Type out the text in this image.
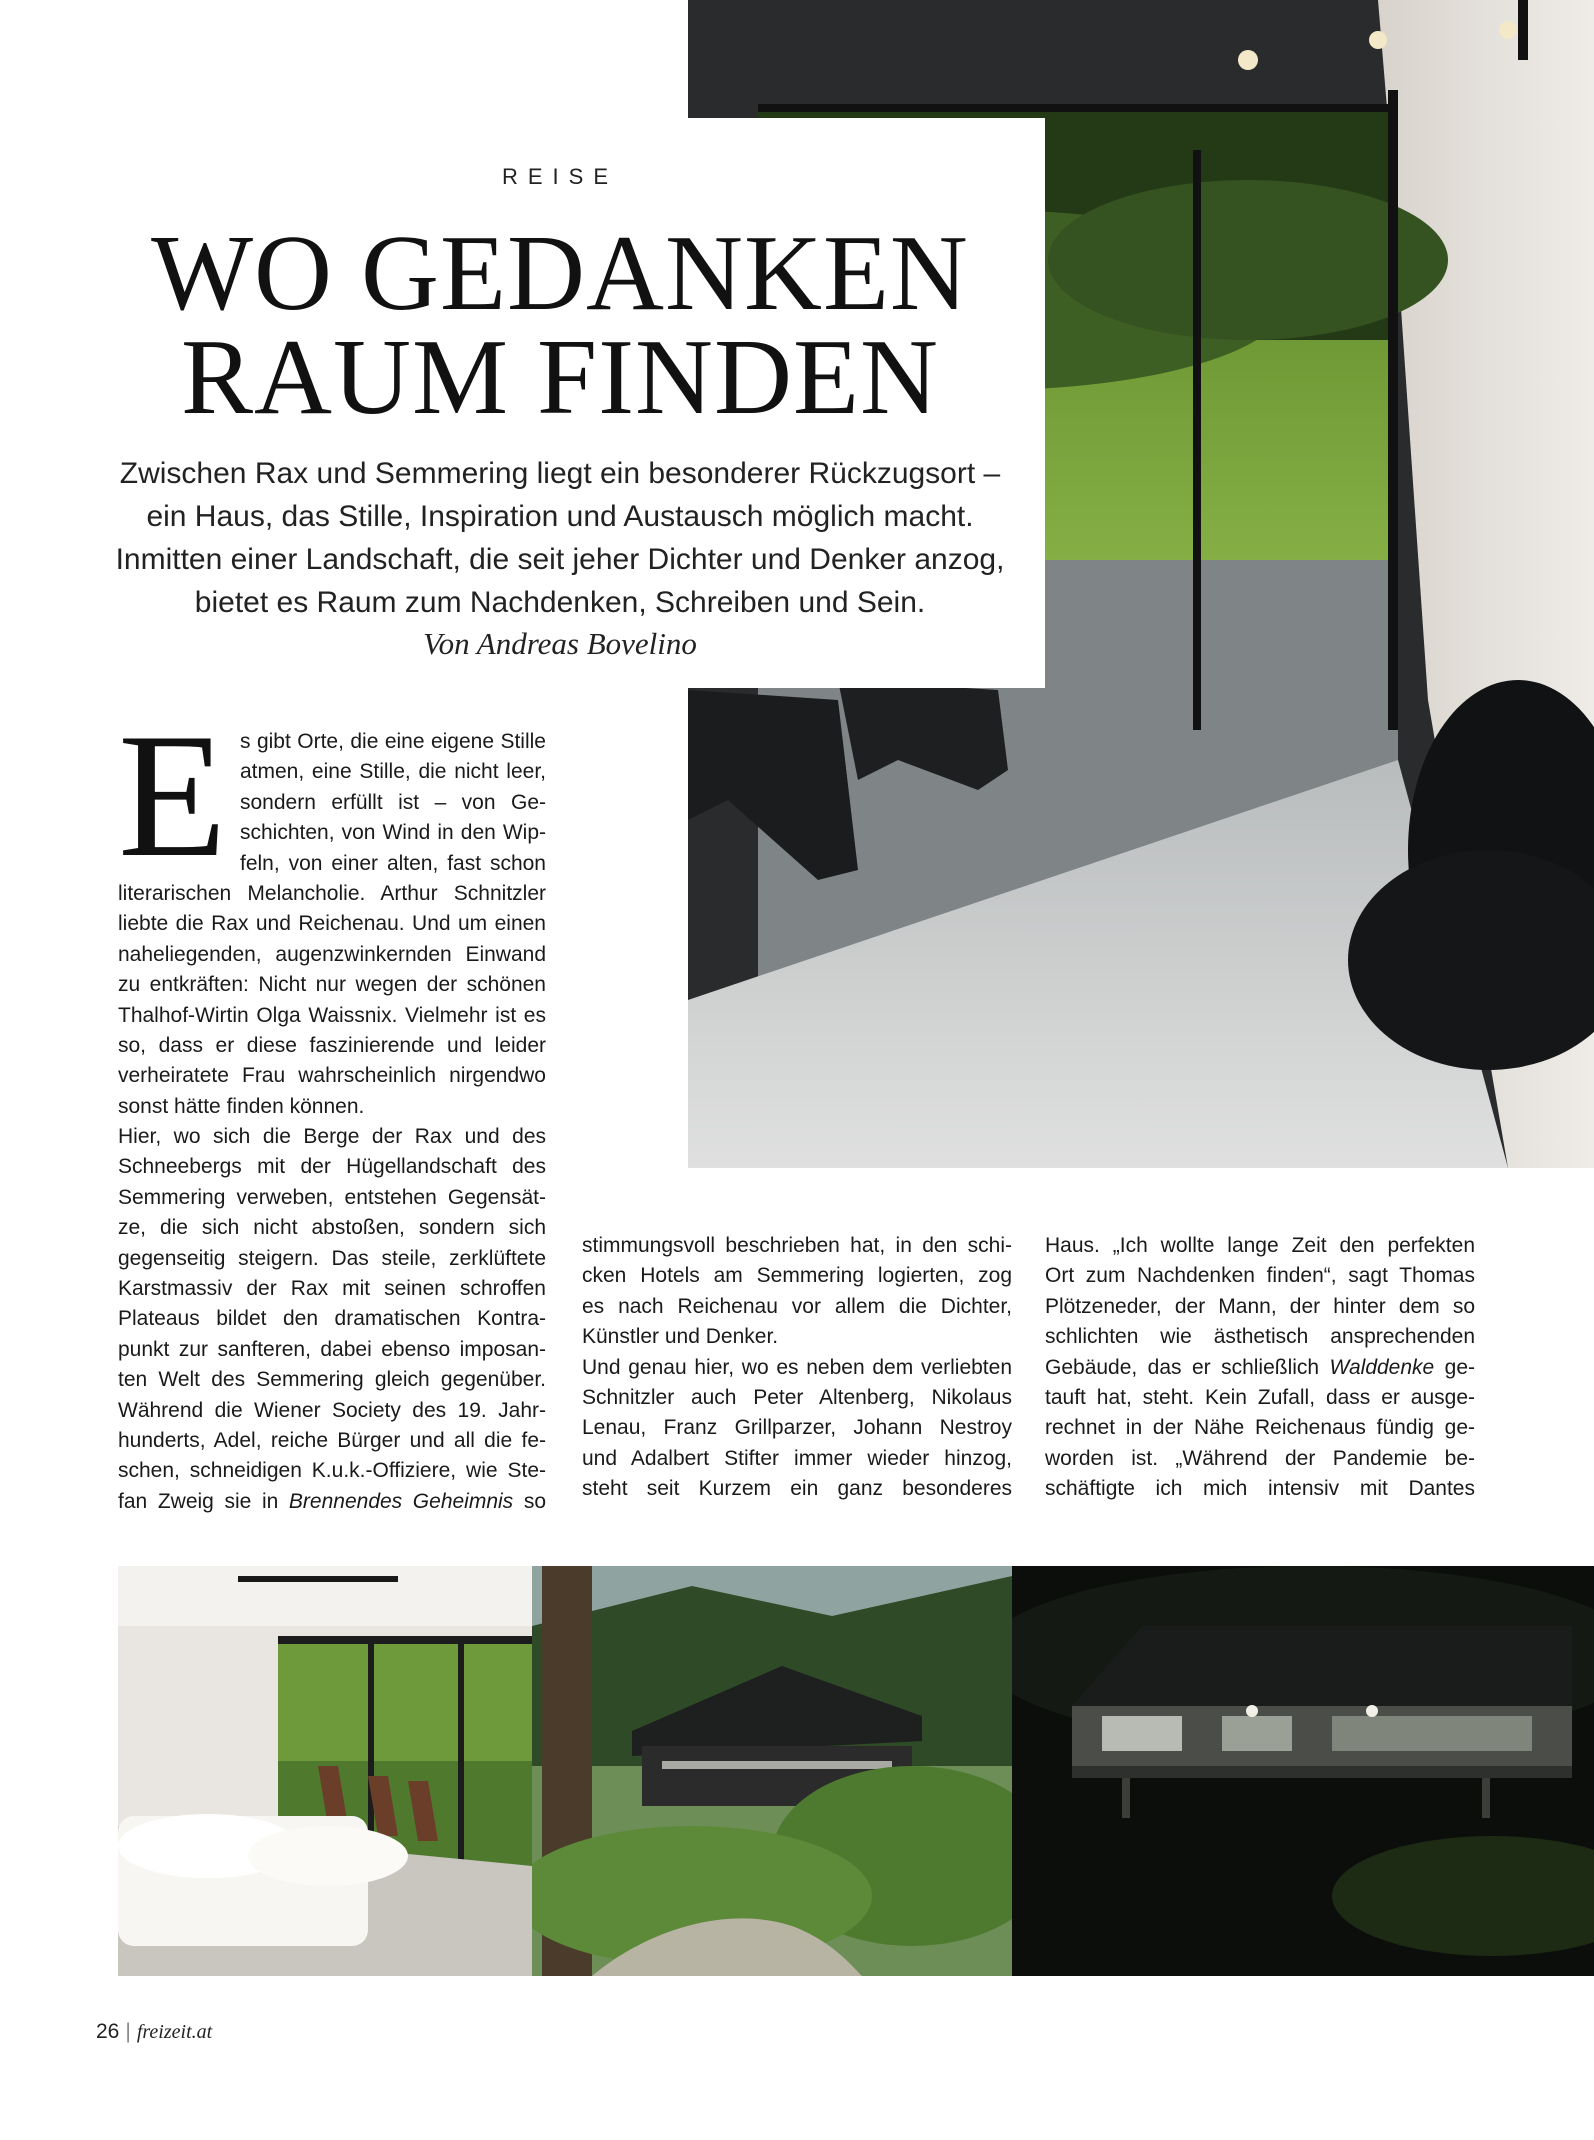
REISE
WO GEDANKEN
RAUM FINDEN
Zwischen Rax und Semmering liegt ein besonderer Rückzugsort –
ein Haus, das Stille, Inspiration und Austausch möglich macht.
Inmitten einer Landschaft, die seit jeher Dichter und Denker anzog,
bietet es Raum zum Nachdenken, Schreiben und Sein.
Von Andreas Bovelino
E s gibt Orte, die eine eigene Stille
atmen, eine Stille, die nicht leer,
sondern erfüllt ist – von Ge-
schichten, von Wind in den Wip-
feln, von einer alten, fast schon
literarischen Melancholie. Arthur Schnitzler
liebte die Rax und Reichenau. Und um einen
naheliegenden, augenzwinkernden Einwand
zu entkräften: Nicht nur wegen der schönen
Thalhof-Wirtin Olga Waissnix. Vielmehr ist es
so, dass er diese faszinierende und leider
verheiratete Frau wahrscheinlich nirgendwo
sonst hätte finden können.
Hier, wo sich die Berge der Rax und des
Schneebergs mit der Hügellandschaft des
Semmering verweben, entstehen Gegensät-
ze, die sich nicht abstoßen, sondern sich
gegenseitig steigern. Das steile, zerklüftete
Karstmassiv der Rax mit seinen schroffen
Plateaus bildet den dramatischen Kontra-
punkt zur sanfteren, dabei ebenso imposan-
ten Welt des Semmering gleich gegenüber.
Während die Wiener Society des 19. Jahr-
hunderts, Adel, reiche Bürger und all die fe-
schen, schneidigen K.u.k.-Offiziere, wie Ste-
fan Zweig sie in Brennendes Geheimnis so
stimmungsvoll beschrieben hat, in den schi-
cken Hotels am Semmering logierten, zog
es nach Reichenau vor allem die Dichter,
Künstler und Denker.
Und genau hier, wo es neben dem verliebten
Schnitzler auch Peter Altenberg, Nikolaus
Lenau, Franz Grillparzer, Johann Nestroy
und Adalbert Stifter immer wieder hinzog,
steht seit Kurzem ein ganz besonderes
Haus. „Ich wollte lange Zeit den perfekten
Ort zum Nachdenken finden“, sagt Thomas
Plötzeneder, der Mann, der hinter dem so
schlichten wie ästhetisch ansprechenden
Gebäude, das er schließlich Walddenke ge-
tauft hat, steht. Kein Zufall, dass er ausge-
rechnet in der Nähe Reichenaus fündig ge-
worden ist. „Während der Pandemie be-
schäftigte ich mich intensiv mit Dantes
26 | freizeit.at
